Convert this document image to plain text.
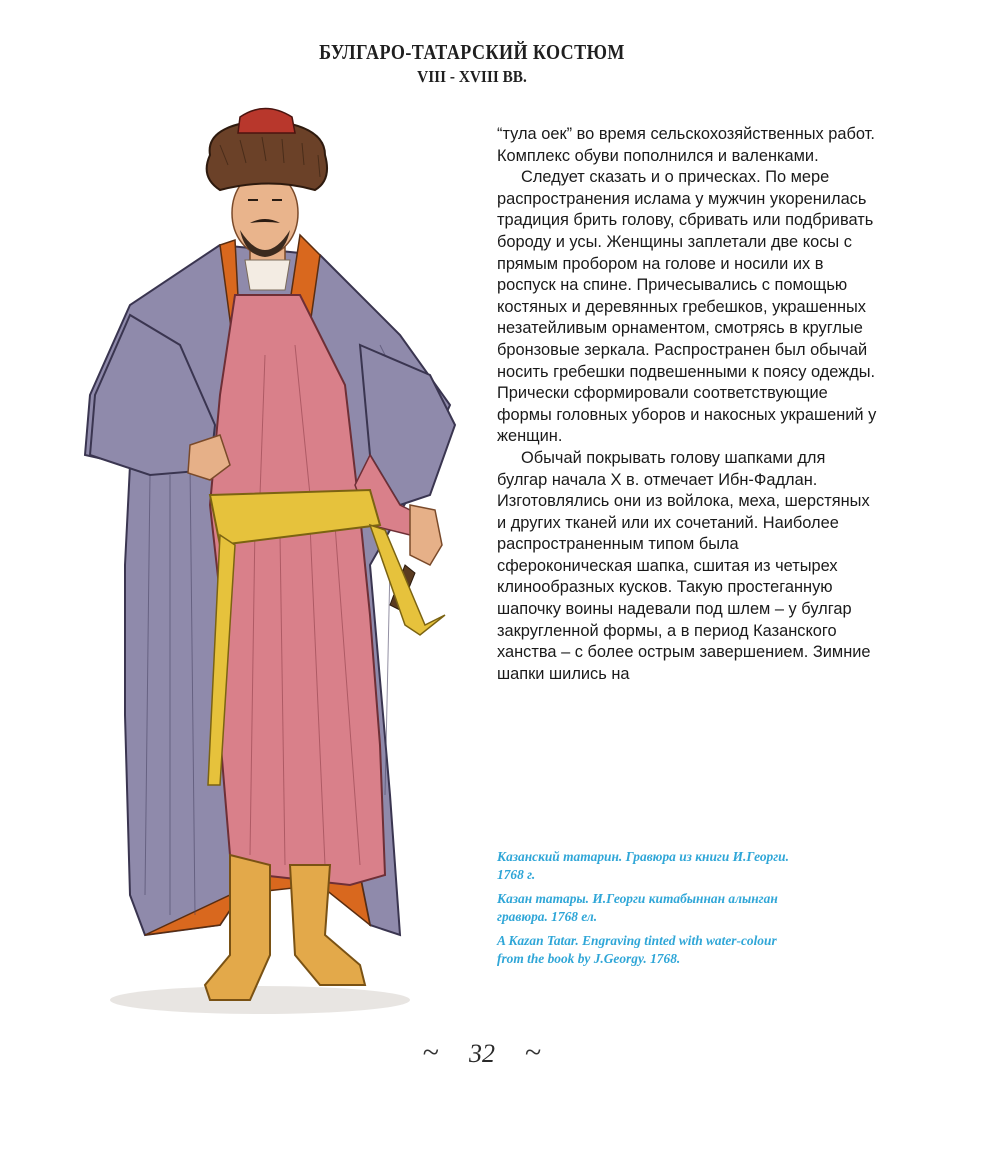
БУЛГАРО-ТАТАРСКИЙ КОСТЮМ
VIII - XVIII ВВ.

“тула оек” во время сельскохозяйственных работ. Комплекс обуви пополнился и валенками.

Следует сказать и о прическах. По мере распространения ислама у мужчин укоренилась традиция брить голову, сбривать или подбривать бороду и усы. Женщины заплетали две косы с прямым пробором на голове и носили их в роспуск на спине. Причесывались с помощью костяных и деревянных гребешков, украшенных незатейливым орнаментом, смотрясь в круглые бронзовые зеркала. Распространен был обычай носить гребешки подвешенными к поясу одежды. Прически сформировали соответствующие формы головных уборов и накосных украшений у женщин.

Обычай покрывать голову шапками для булгар начала X в. отмечает Ибн-Фадлан. Изготовлялись они из войлока, меха, шерстяных и других тканей или их сочетаний. Наиболее распространенным типом была сфероконическая шапка, сшитая из четырех клинообразных кусков. Такую простеганную шапочку воины надевали под шлем – у булгар закругленной формы, а в период Казанского ханства – с более острым завершением. Зимние шапки шились на

Казанский татарин. Гравюра из книги И.Георги. 1768 г.

Казан татары. И.Георги китабыннан алынган гравюра. 1768 ел.

A Kazan Tatar. Engraving tinted with water-colour from the book by J.Georgy. 1768.

~ 32 ~
